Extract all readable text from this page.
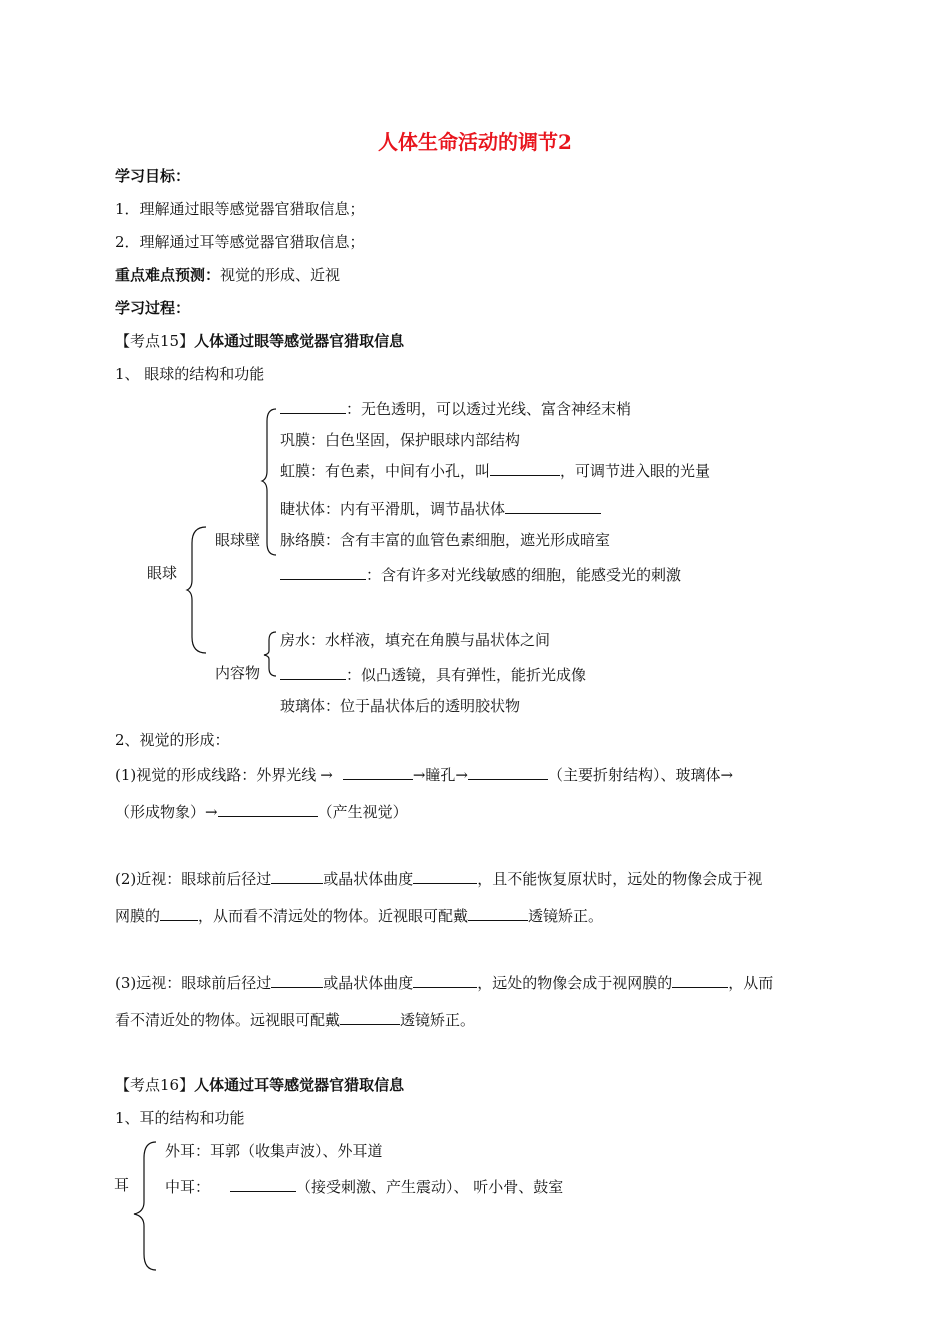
人体生命活动的调节2
学习目标：
1．理解通过眼等感觉器官猎取信息；
2．理解通过耳等感觉器官猎取信息；
重点难点预测：视觉的形成、近视
学习过程：
【考点15】人体通过眼等感觉器官猎取信息
1、 眼球的结构和功能
眼球
眼球壁
内容物
：无色透明，可以透过光线、富含神经末梢
巩膜：白色坚固，保护眼球内部结构
虹膜：有色素，中间有小孔，叫	，可调节进入眼的光量
睫状体：内有平滑肌，调节晶状体
脉络膜：含有丰富的血管色素细胞，遮光形成暗室
：含有许多对光线敏感的细胞，能感受光的刺激
房水：水样液，填充在角膜与晶状体之间
：似凸透镜，具有弹性，能折光成像
玻璃体：位于晶状体后的透明胶状物
2、视觉的形成：
(1)视觉的形成线路：外界光线 →	→瞳孔→	（主要折射结构）、玻璃体→
（形成物象）→	（产生视觉）
(2)近视：眼球前后径过	或晶状体曲度	，且不能恢复原状时，远处的物像会成于视
网膜的	，从而看不清远处的物体。近视眼可配戴	透镜矫正。
(3)远视：眼球前后径过	或晶状体曲度	，远处的物像会成于视网膜的	，从而
看不清近处的物体。远视眼可配戴	透镜矫正。
【考点16】人体通过耳等感觉器官猎取信息
1、耳的结构和功能
耳
外耳：耳郭（收集声波）、外耳道
中耳：	（接受刺激、产生震动）、 听小骨、鼓室
